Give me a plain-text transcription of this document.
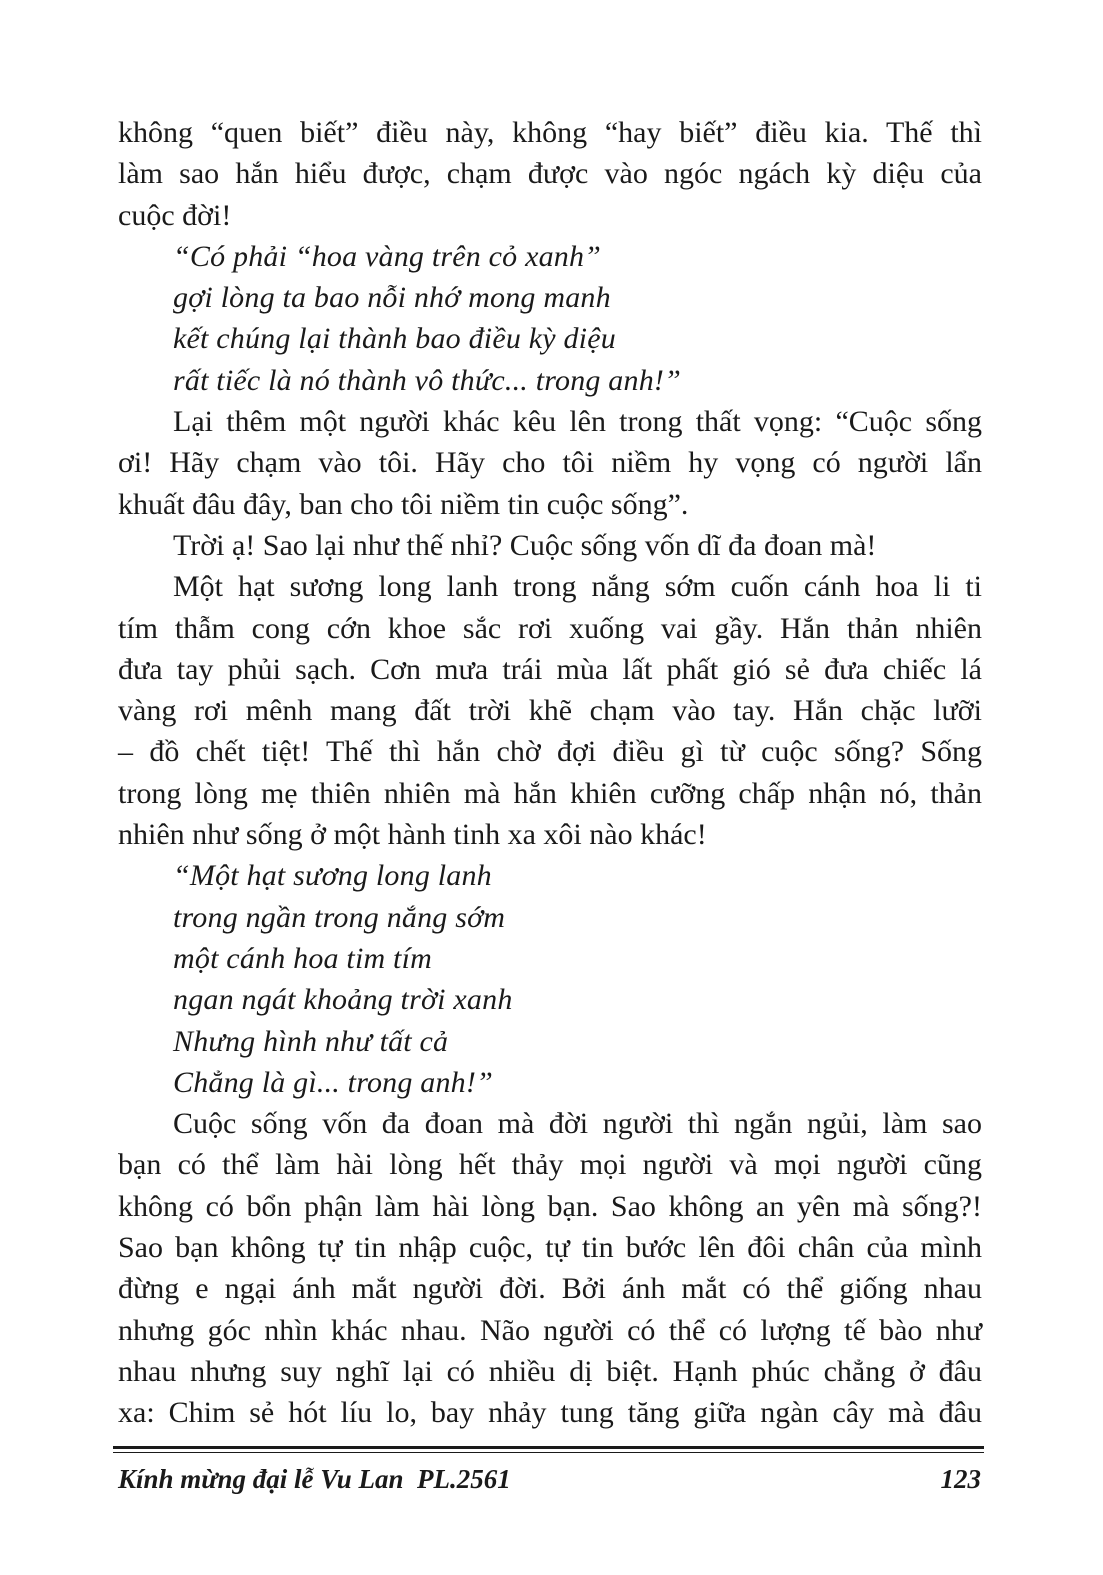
không “quen biết” điều này, không “hay biết” điều kia. Thế thì
làm sao hắn hiểu được, chạm được vào ngóc ngách kỳ diệu của
cuộc đời!
“Có phải “hoa vàng trên cỏ xanh”
gợi lòng ta bao nỗi nhớ mong manh
kết chúng lại thành bao điều kỳ diệu
rất tiếc là nó thành vô thức... trong anh!”
Lại thêm một người khác kêu lên trong thất vọng: “Cuộc sống
ơi! Hãy chạm vào tôi. Hãy cho tôi niềm hy vọng có người lẩn
khuất đâu đây, ban cho tôi niềm tin cuộc sống”.
Trời ạ! Sao lại như thế nhỉ? Cuộc sống vốn dĩ đa đoan mà!
Một hạt sương long lanh trong nắng sớm cuốn cánh hoa li ti
tím thẫm cong cớn khoe sắc rơi xuống vai gầy. Hắn thản nhiên
đưa tay phủi sạch. Cơn mưa trái mùa lất phất gió sẻ đưa chiếc lá
vàng rơi mênh mang đất trời khẽ chạm vào tay. Hắn chặc lưỡi
– đồ chết tiệt! Thế thì hắn chờ đợi điều gì từ cuộc sống? Sống
trong lòng mẹ thiên nhiên mà hắn khiên cưỡng chấp nhận nó, thản
nhiên như sống ở một hành tinh xa xôi nào khác!
“Một hạt sương long lanh
trong ngần trong nắng sớm
một cánh hoa tim tím
ngan ngát khoảng trời xanh
Nhưng hình như tất cả
Chẳng là gì... trong anh!”
Cuộc sống vốn đa đoan mà đời người thì ngắn ngủi, làm sao
bạn có thể làm hài lòng hết thảy mọi người và mọi người cũng
không có bổn phận làm hài lòng bạn. Sao không an yên mà sống?!
Sao bạn không tự tin nhập cuộc, tự tin bước lên đôi chân của mình
đừng e ngại ánh mắt người đời. Bởi ánh mắt có thể giống nhau
nhưng góc nhìn khác nhau. Não người có thể có lượng tế bào như
nhau nhưng suy nghĩ lại có nhiều dị biệt. Hạnh phúc chẳng ở đâu
xa: Chim sẻ hót líu lo, bay nhảy tung tăng giữa ngàn cây mà đâu
Kính mừng đại lễ Vu Lan  PL.2561	123
